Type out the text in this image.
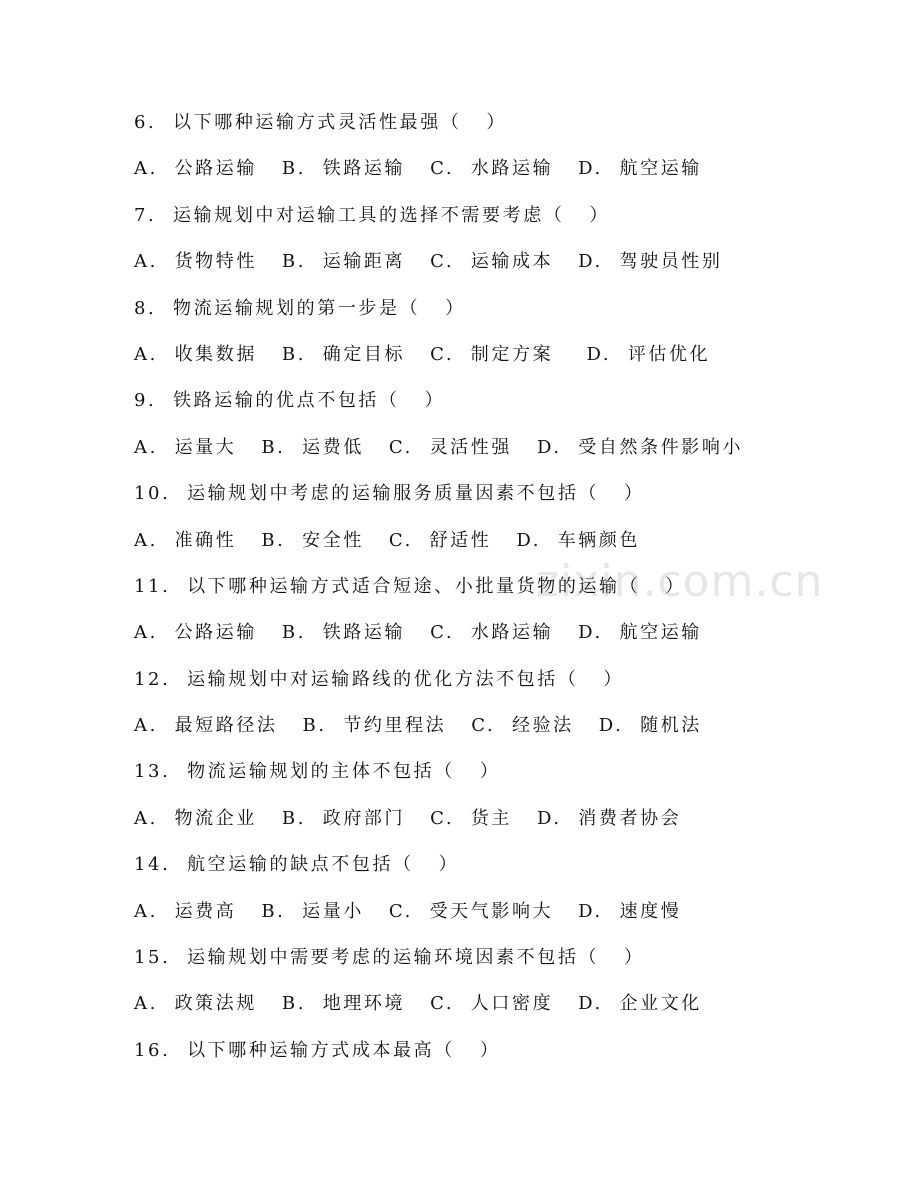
zixin.com.cn
6.  以下哪种运输方式灵活性最强（   ）
A.  公路运输   B.  铁路运输   C.  水路运输   D.  航空运输
7.  运输规划中对运输工具的选择不需要考虑（   ）
A.  货物特性   B.  运输距离   C.  运输成本   D.  驾驶员性别
8.  物流运输规划的第一步是（   ）
A.  收集数据   B.  确定目标   C.  制定方案    D.  评估优化
9.  铁路运输的优点不包括（   ）
A.  运量大   B.  运费低   C.  灵活性强   D.  受自然条件影响小
10.  运输规划中考虑的运输服务质量因素不包括（   ）
A.  准确性   B.  安全性   C.  舒适性   D.  车辆颜色
11.  以下哪种运输方式适合短途、小批量货物的运输（   ）
A.  公路运输   B.  铁路运输   C.  水路运输   D.  航空运输
12.  运输规划中对运输路线的优化方法不包括（   ）
A.  最短路径法   B.  节约里程法   C.  经验法   D.  随机法
13.  物流运输规划的主体不包括（   ）
A.  物流企业   B.  政府部门   C.  货主   D.  消费者协会
14.  航空运输的缺点不包括（   ）
A.  运费高   B.  运量小   C.  受天气影响大   D.  速度慢
15.  运输规划中需要考虑的运输环境因素不包括（   ）
A.  政策法规   B.  地理环境   C.  人口密度   D.  企业文化
16.  以下哪种运输方式成本最高（   ）
